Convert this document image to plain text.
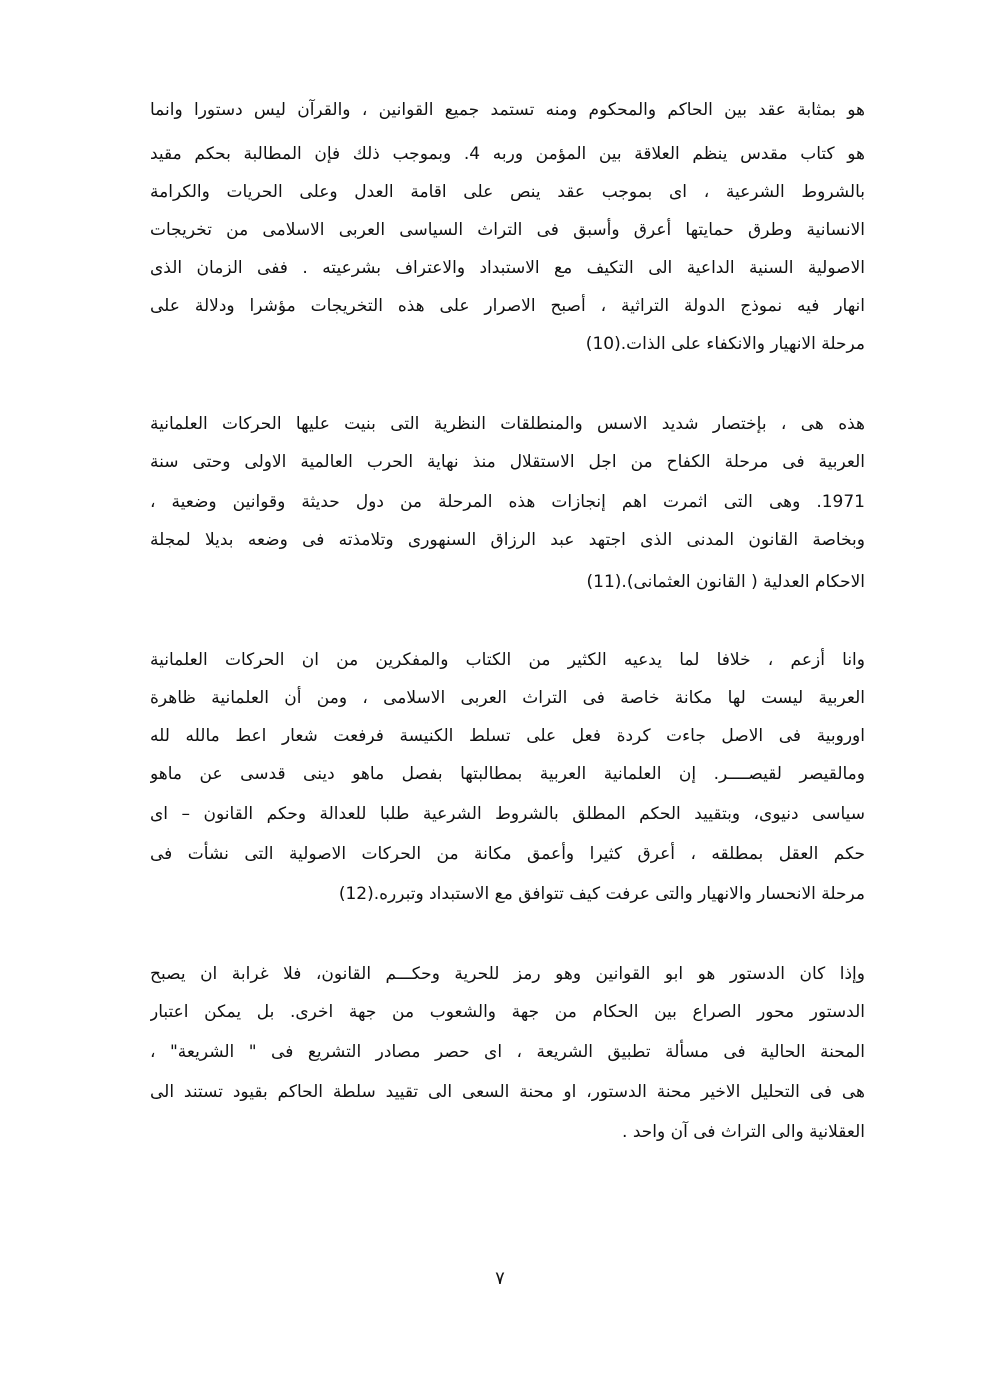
هو بمثابة عقد بين الحاكم والمحكوم ومنه تستمد جميع القوانين ، والقرآن ليس دستورا وانما
هو كتاب مقدس ينظم العلاقة بين المؤمن وربه 4. وبموجب ذلك فإن المطالبة بحكم مقيد
بالشروط الشرعية ، اى بموجب عقد ينص على اقامة العدل وعلى الحريات والكرامة
الانسانية وطرق حمايتها أعرق وأسبق فى التراث السياسى العربى الاسلامى من تخريجات
الاصولية السنية الداعية الى التكيف مع الاستبداد والاعتراف بشرعيته . ففى الزمان الذى
انهار فيه نموذج الدولة التراثية ، أصبح الاصرار على هذه التخريجات مؤشرا ودلالة على
مرحلة الانهيار والانكفاء على الذات.(10)
هذه هى ، بإختصار شديد الاسس والمنطلقات النظرية التى بنيت عليها الحركات العلمانية
العربية فى مرحلة الكفاح من اجل الاستقلال منذ نهاية الحرب العالمية الاولى وحتى سنة
1971. وهى التى اثمرت اهم إنجازات هذه المرحلة من دول حديثة وقوانين وضعية ،
وبخاصة القانون المدنى الذى اجتهد عبد الرزاق السنهورى وتلامذته فى وضعه بديلا لمجلة
الاحكام العدلية ( القانون العثمانى).(11)
وانا أزعم ، خلافا لما يدعيه الكثير من الكتاب والمفكرين من ان الحركات العلمانية
العربية ليست لها مكانة خاصة فى التراث العربى الاسلامى ، ومن أن العلمانية ظاهرة
اوروبية فى الاصل جاءت كردة فعل على تسلط الكنيسة فرفعت شعار اعط مالله لله
ومالقيصر لقيصــــر. إن العلمانية العربية بمطالبتها بفصل ماهو دينى قدسى عن ماهو
سياسى دنيوى، وبتقييد الحكم المطلق بالشروط الشرعية طلبا للعدالة وحكم القانون – اى
حكم العقل بمطلقه ، أعرق كثيرا وأعمق مكانة من الحركات الاصولية التى نشأت فى
مرحلة الانحسار والانهيار والتى عرفت كيف تتوافق مع الاستبداد وتبرره.(12)
وإذا كان الدستور هو ابو القوانين وهو رمز للحرية وحكـــم القانون، فلا غرابة ان يصبح
الدستور محور الصراع بين الحكام من جهة والشعوب من جهة اخرى. بل يمكن اعتبار
المحنة الحالية فى مسألة تطبيق الشريعة ، اى حصر مصادر التشريع فى " الشريعة" ،
هى فى التحليل الاخير محنة الدستور، او محنة السعى الى تقييد سلطة الحاكم بقيود تستند الى
العقلانية والى التراث فى آن واحد .
٧
